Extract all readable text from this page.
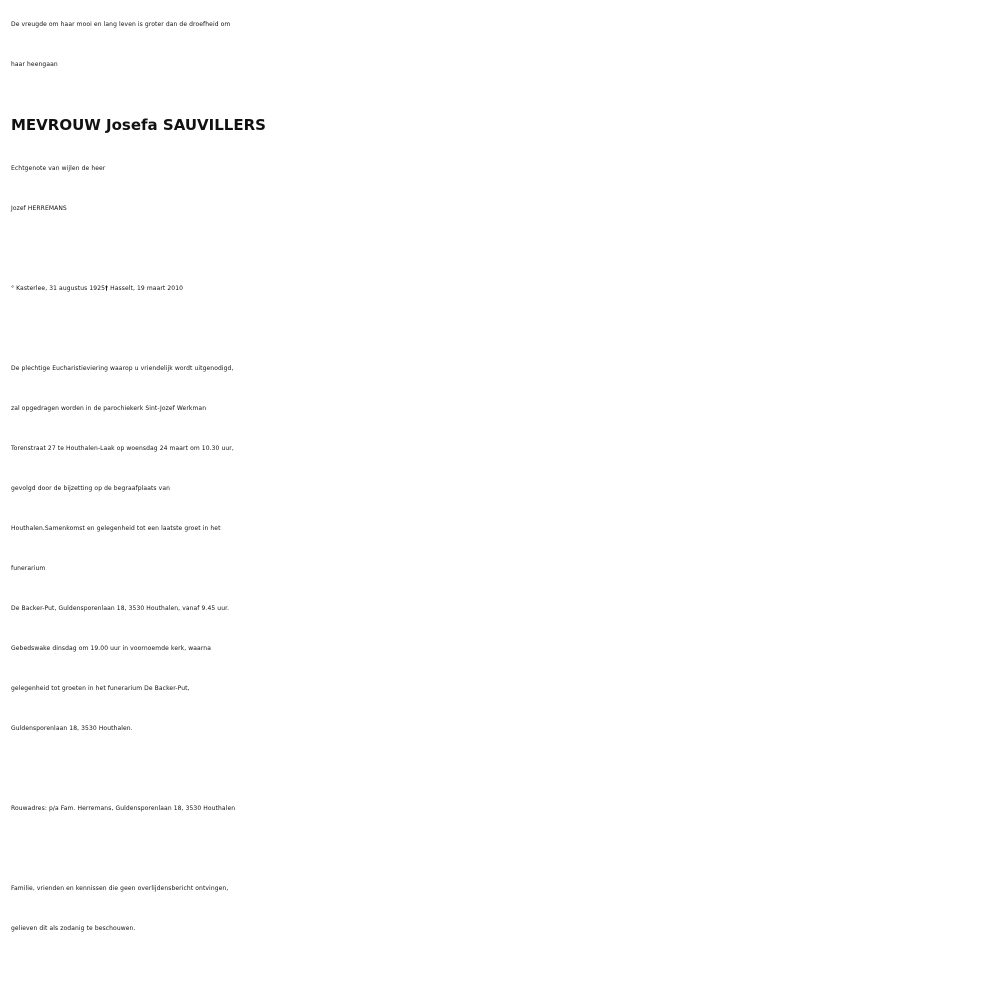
De vreugde om haar mooi en lang leven is groter dan de droefheid om
haar heengaan
MEVROUW Josefa SAUVILLERS
Echtgenote van wijlen de heer
Jozef HERREMANS
° Kasterlee, 31 augustus 1925† Hasselt, 19 maart 2010
De plechtige Eucharistieviering waarop u vriendelijk wordt uitgenodigd,
zal opgedragen worden in de parochiekerk Sint-Jozef Werkman
Torenstraat 27 te Houthalen-Laak op woensdag 24 maart om 10.30 uur,
gevolgd door de bijzetting op de begraafplaats van
Houthalen.Samenkomst en gelegenheid tot een laatste groet in het
funerarium
De Backer-Put, Guldensporenlaan 18, 3530 Houthalen, vanaf 9.45 uur.
Gebedswake dinsdag om 19.00 uur in voornoemde kerk, waarna
gelegenheid tot groeten in het funerarium De Backer-Put,
Guldensporenlaan 18, 3530 Houthalen.
Rouwadres: p/a Fam. Herremans, Guldensporenlaan 18, 3530 Houthalen
Familie, vrienden en kennissen die geen overlijdensbericht ontvingen,
gelieven dit als zodanig te beschouwen.
